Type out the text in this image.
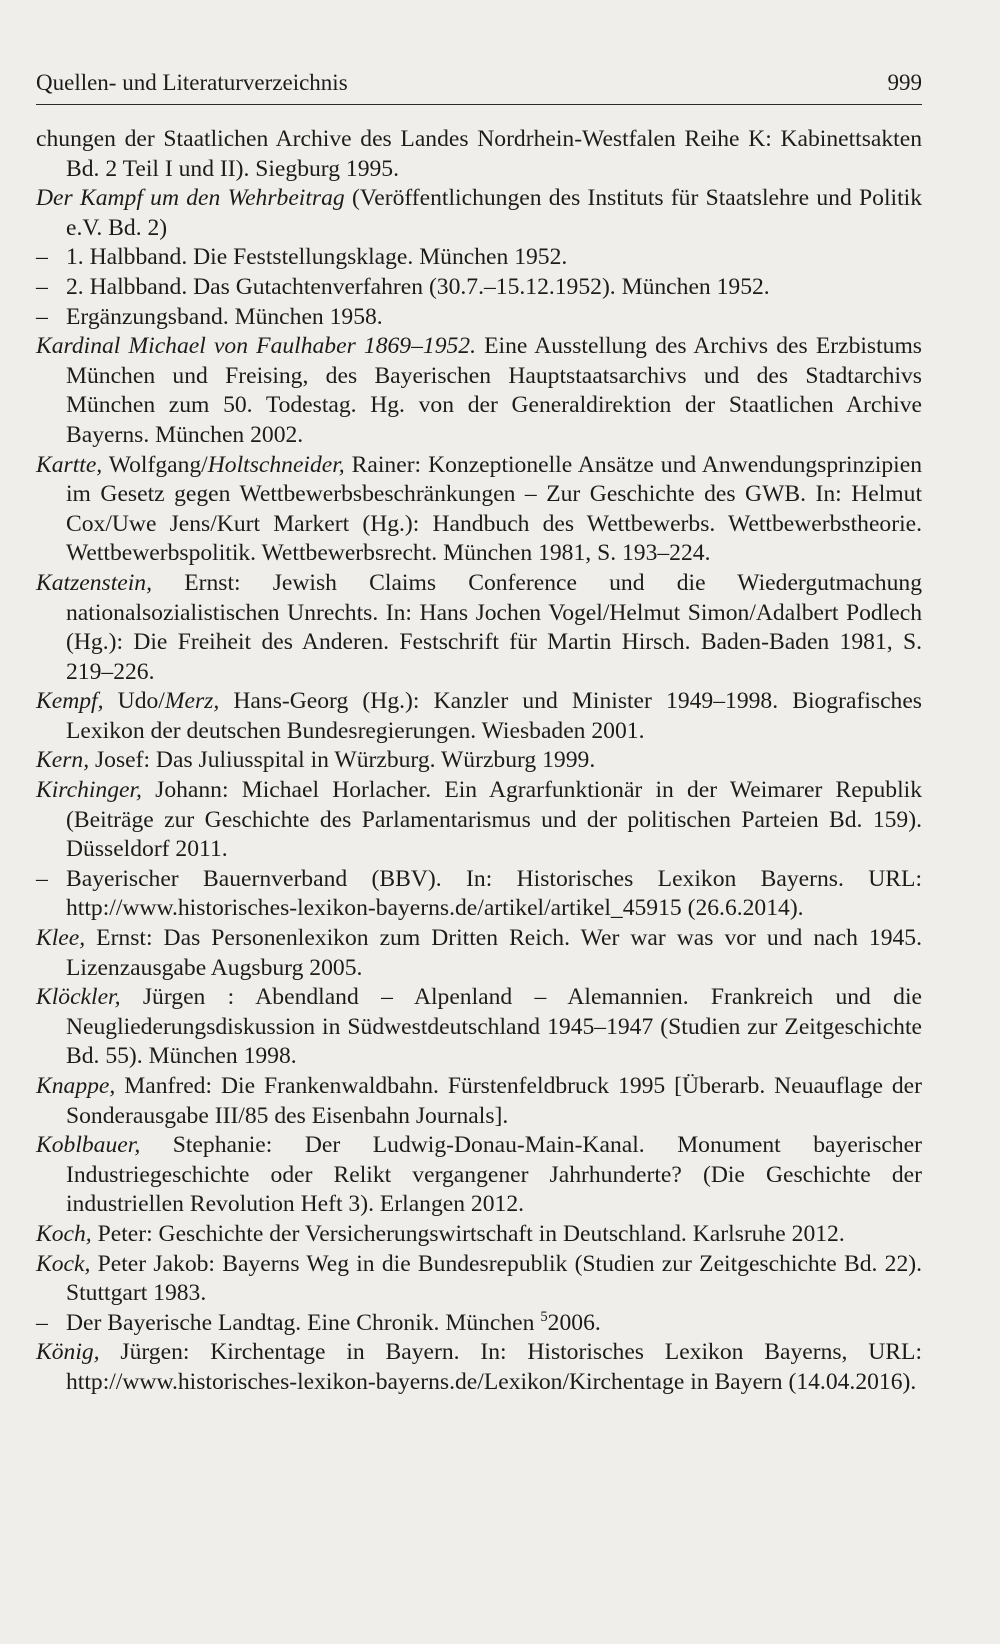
Quellen- und Literaturverzeichnis	999
chungen der Staatlichen Archive des Landes Nordrhein-Westfalen Reihe K: Kabinettsakten Bd. 2 Teil I und II). Siegburg 1995.
Der Kampf um den Wehrbeitrag (Veröffentlichungen des Instituts für Staatslehre und Politik e.V. Bd. 2)
– 1. Halbband. Die Feststellungsklage. München 1952.
– 2. Halbband. Das Gutachtenverfahren (30.7.–15.12.1952). München 1952.
– Ergänzungsband. München 1958.
Kardinal Michael von Faulhaber 1869–1952. Eine Ausstellung des Archivs des Erzbistums München und Freising, des Bayerischen Hauptstaatsarchivs und des Stadtarchivs München zum 50. Todestag. Hg. von der Generaldirektion der Staatlichen Archive Bayerns. München 2002.
Kartte, Wolfgang/Holtschneider, Rainer: Konzeptionelle Ansätze und Anwendungsprinzipien im Gesetz gegen Wettbewerbsbeschränkungen – Zur Geschichte des GWB. In: Helmut Cox/Uwe Jens/Kurt Markert (Hg.): Handbuch des Wettbewerbs. Wettbewerbstheorie. Wettbewerbspolitik. Wettbewerbsrecht. München 1981, S. 193–224.
Katzenstein, Ernst: Jewish Claims Conference und die Wiedergutmachung nationalsozialistischen Unrechts. In: Hans Jochen Vogel/Helmut Simon/Adalbert Podlech (Hg.): Die Freiheit des Anderen. Festschrift für Martin Hirsch. Baden-Baden 1981, S. 219–226.
Kempf, Udo/Merz, Hans-Georg (Hg.): Kanzler und Minister 1949–1998. Biografisches Lexikon der deutschen Bundesregierungen. Wiesbaden 2001.
Kern, Josef: Das Juliusspital in Würzburg. Würzburg 1999.
Kirchinger, Johann: Michael Horlacher. Ein Agrarfunktionär in der Weimarer Republik (Beiträge zur Geschichte des Parlamentarismus und der politischen Parteien Bd. 159). Düsseldorf 2011.
– Bayerischer Bauernverband (BBV). In: Historisches Lexikon Bayerns. URL: http://www.historisches-lexikon-bayerns.de/artikel/artikel_45915 (26.6.2014).
Klee, Ernst: Das Personenlexikon zum Dritten Reich. Wer war was vor und nach 1945. Lizenzausgabe Augsburg 2005.
Klöckler, Jürgen : Abendland – Alpenland – Alemannien. Frankreich und die Neugliederungsdiskussion in Südwestdeutschland 1945–1947 (Studien zur Zeitgeschichte Bd. 55). München 1998.
Knappe, Manfred: Die Frankenwaldbahn. Fürstenfeldbruck 1995 [Überarb. Neuauflage der Sonderausgabe III/85 des Eisenbahn Journals].
Koblbauer, Stephanie: Der Ludwig-Donau-Main-Kanal. Monument bayerischer Industriegeschichte oder Relikt vergangener Jahrhunderte? (Die Geschichte der industriellen Revolution Heft 3). Erlangen 2012.
Koch, Peter: Geschichte der Versicherungswirtschaft in Deutschland. Karlsruhe 2012.
Kock, Peter Jakob: Bayerns Weg in die Bundesrepublik (Studien zur Zeitgeschichte Bd. 22). Stuttgart 1983.
– Der Bayerische Landtag. Eine Chronik. München $^5$2006.
König, Jürgen: Kirchentage in Bayern. In: Historisches Lexikon Bayerns, URL: http://www.historisches-lexikon-bayerns.de/Lexikon/Kirchentage in Bayern (14.04.2016).
